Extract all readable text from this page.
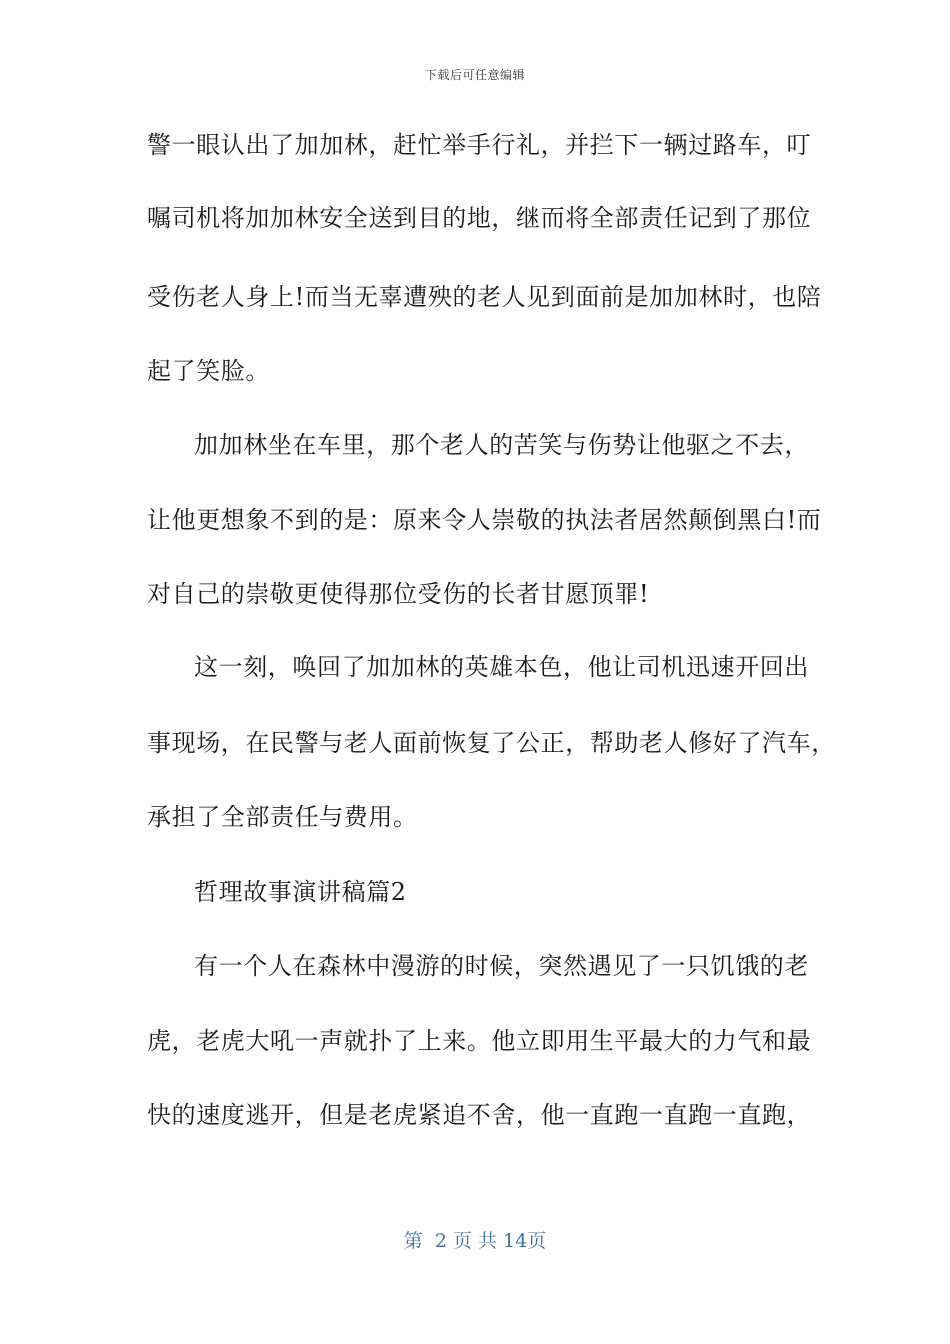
下载后可任意编辑
警一眼认出了加加林，赶忙举手行礼，并拦下一辆过路车，叮
嘱司机将加加林安全送到目的地，继而将全部责任记到了那位
受伤老人身上!而当无辜遭殃的老人见到面前是加加林时，也陪
起了笑脸。
加加林坐在车里，那个老人的苦笑与伤势让他驱之不去，
让他更想象不到的是：原来令人崇敬的执法者居然颠倒黑白!而
对自己的崇敬更使得那位受伤的长者甘愿顶罪!
这一刻，唤回了加加林的英雄本色，他让司机迅速开回出
事现场，在民警与老人面前恢复了公正，帮助老人修好了汽车，
承担了全部责任与费用。
哲理故事演讲稿篇2
有一个人在森林中漫游的时候，突然遇见了一只饥饿的老
虎，老虎大吼一声就扑了上来。他立即用生平最大的力气和最
快的速度逃开，但是老虎紧追不舍，他一直跑一直跑一直跑，
第  2 页 共 14页
